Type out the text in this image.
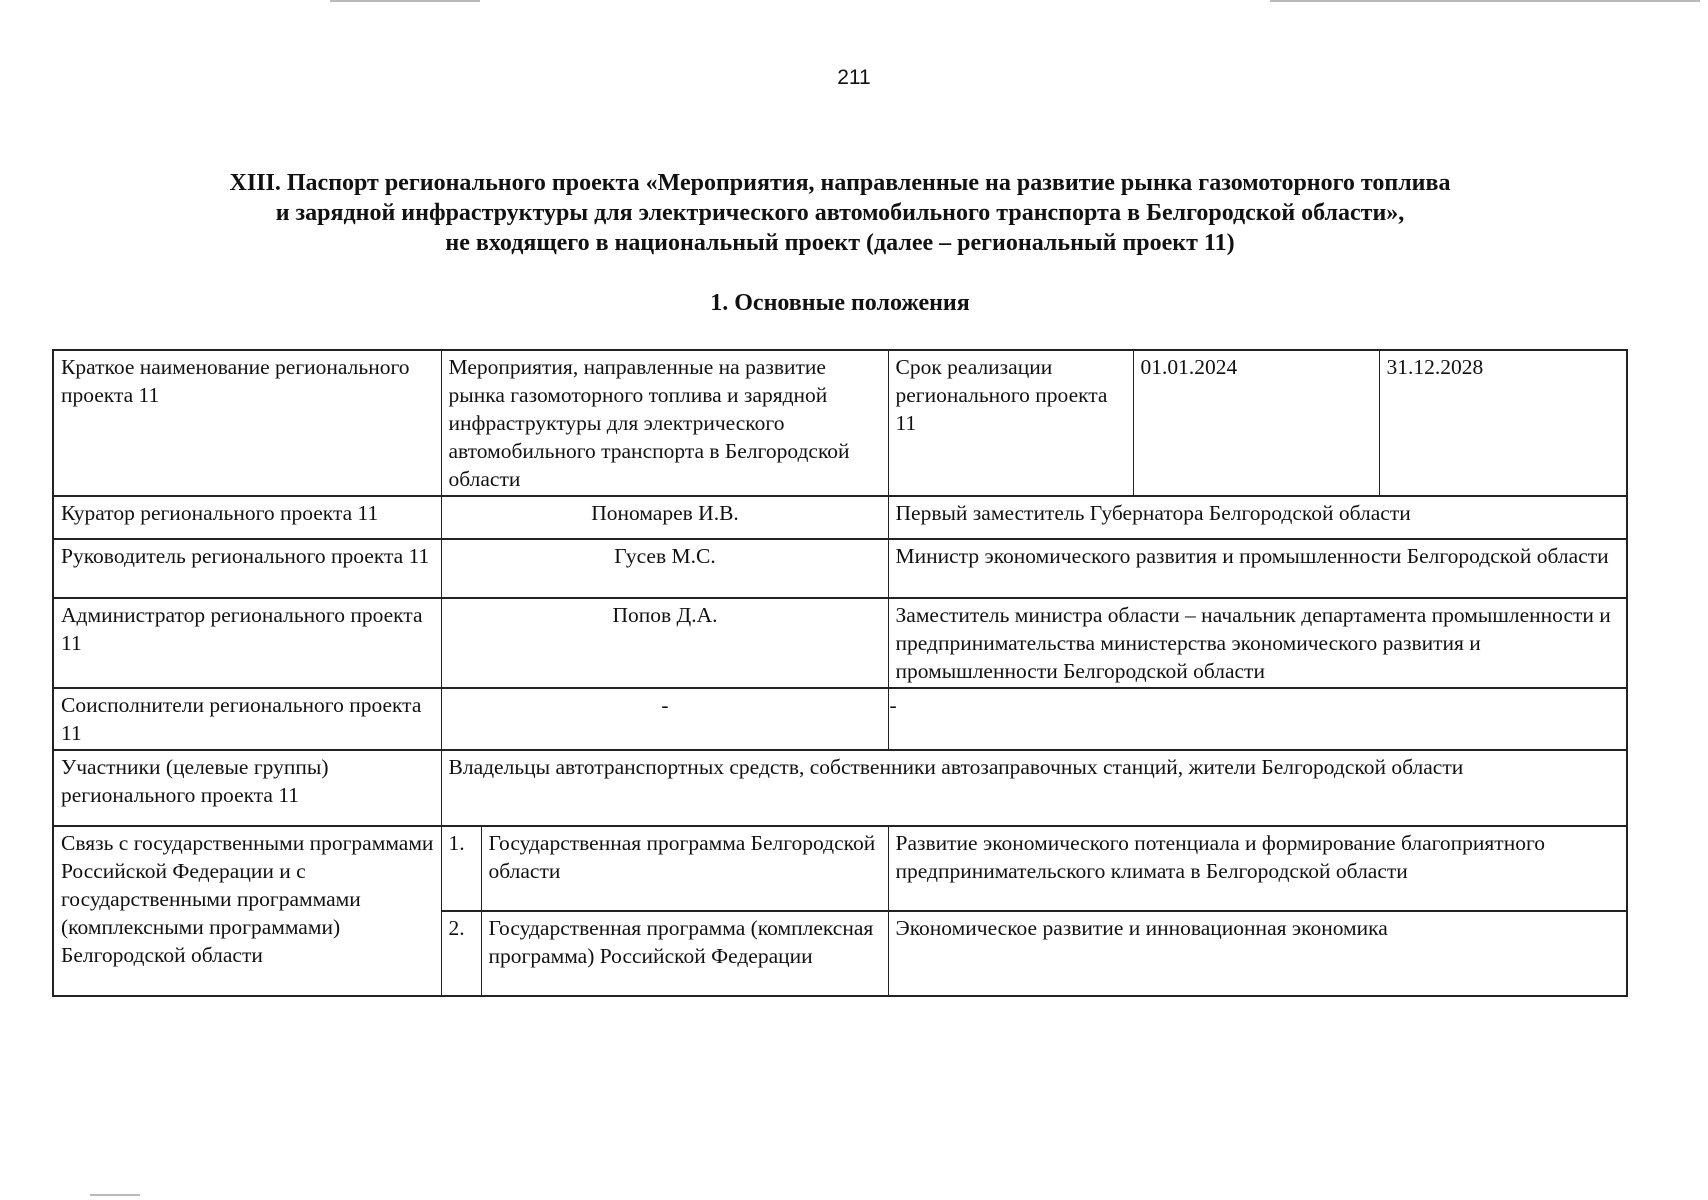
211
XIII. Паспорт регионального проекта «Мероприятия, направленные на развитие рынка газомоторного топлива
и зарядной инфраструктуры для электрического автомобильного транспорта в Белгородской области»,
не входящего в национальный проект (далее – региональный проект 11)
1. Основные положения
Краткое наименование регионального проекта 11	Мероприятия, направленные на развитие рынка газомоторного топлива и зарядной инфраструктуры для электрического автомобильного транспорта в Белгородской области		Срок реализации регионального проекта 11	01.01.2024	31.12.2028
Куратор регионального проекта 11	Пономарев И.В.		Первый заместитель Губернатора Белгородской области		
Руководитель регионального проекта 11	Гусев М.С.		Министр экономического развития и промышленности Белгородской области		
Администратор регионального проекта 11	Попов Д.А.		Заместитель министра области – начальник департамента промышленности и предпринимательства министерства экономического развития и промышленности Белгородской области		
Соисполнители регионального проекта 11	-		-		
Участники (целевые группы) регионального проекта 11	Владельцы автотранспортных средств, собственники автозаправочных станций, жители Белгородской области				
Связь с государственными программами Российской Федерации и с государственными программами (комплексными программами) Белгородской области	1.	Государственная программа Белгородской области	Развитие экономического потенциала и формирование благоприятного предпринимательского климата в Белгородской области		
	2.	Государственная программа (комплексная программа) Российской Федерации	Экономическое развитие и инновационная экономика		
